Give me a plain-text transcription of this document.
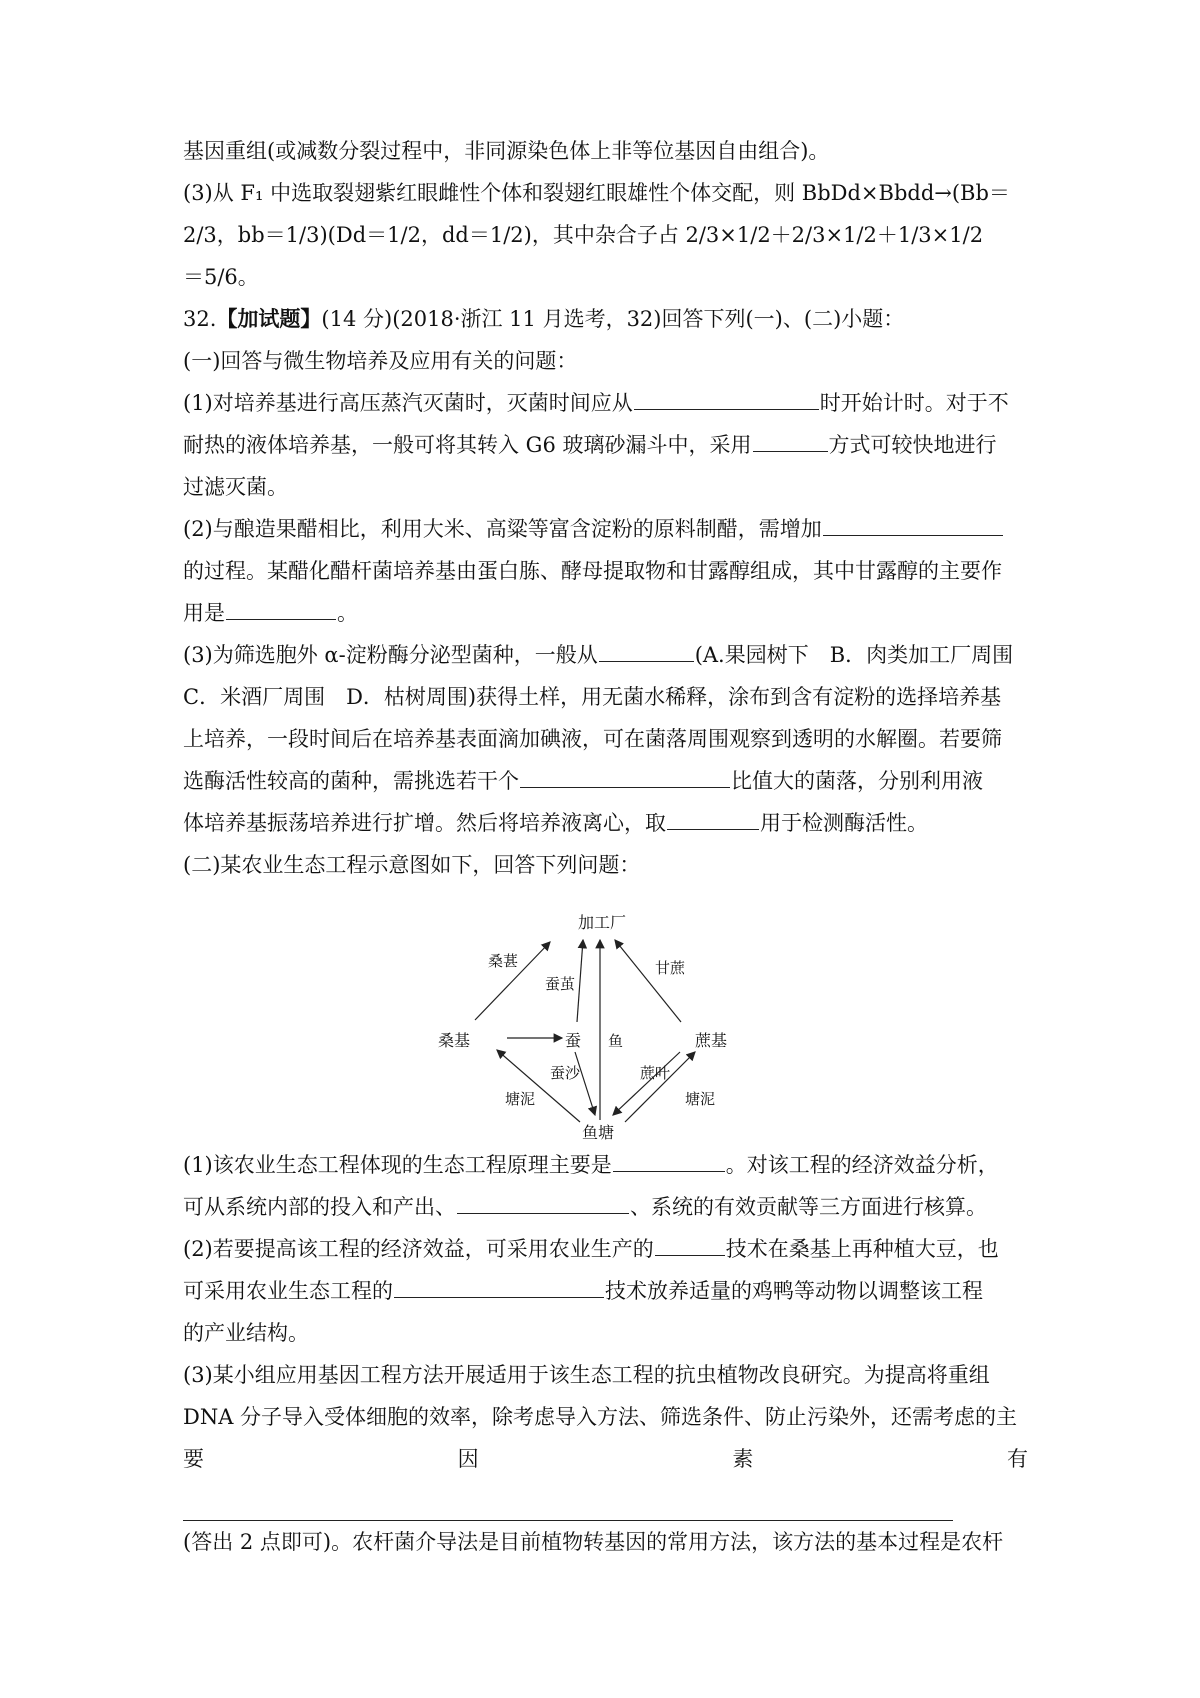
基因重组(或减数分裂过程中，非同源染色体上非等位基因自由组合)。
(3)从 F₁ 中选取裂翅紫红眼雌性个体和裂翅红眼雄性个体交配，则 BbDd×Bbdd→(Bb＝
2/3，bb＝1/3)(Dd＝1/2，dd＝1/2)，其中杂合子占 2/3×1/2＋2/3×1/2＋1/3×1/2
＝5/6。
32.【加试题】(14 分)(2018·浙江 11 月选考，32)回答下列(一)、(二)小题：
(一)回答与微生物培养及应用有关的问题：
(1)对培养基进行高压蒸汽灭菌时，灭菌时间应从	时开始计时。对于不
耐热的液体培养基，一般可将其转入 G6 玻璃砂漏斗中，采用	方式可较快地进行
过滤灭菌。
(2)与酿造果醋相比，利用大米、高粱等富含淀粉的原料制醋，需增加
的过程。某醋化醋杆菌培养基由蛋白胨、酵母提取物和甘露醇组成，其中甘露醇的主要作
用是	。
(3)为筛选胞外 α-淀粉酶分泌型菌种，一般从	(A.果园树下　B．肉类加工厂周围
C．米酒厂周围　D．枯树周围)获得土样，用无菌水稀释，涂布到含有淀粉的选择培养基
上培养，一段时间后在培养基表面滴加碘液，可在菌落周围观察到透明的水解圈。若要筛
选酶活性较高的菌种，需挑选若干个	比值大的菌落，分别利用液
体培养基振荡培养进行扩增。然后将培养液离心，取	用于检测酶活性。
(二)某农业生态工程示意图如下，回答下列问题：
加工厂
桑基	蚕	蔗基
鱼塘
桑葚
蚕茧
甘蔗
鱼
蚕沙
塘泥
蔗叶
塘泥
(1)该农业生态工程体现的生态工程原理主要是	。对该工程的经济效益分析，
可从系统内部的投入和产出、	、系统的有效贡献等三方面进行核算。
(2)若要提高该工程的经济效益，可采用农业生产的	技术在桑基上再种植大豆，也
可采用农业生态工程的	技术放养适量的鸡鸭等动物以调整该工程
的产业结构。
(3)某小组应用基因工程方法开展适用于该生态工程的抗虫植物改良研究。为提高将重组
DNA 分子导入受体细胞的效率，除考虑导入方法、筛选条件、防止污染外，还需考虑的主
要	因	素	有
(答出 2 点即可)。农杆菌介导法是目前植物转基因的常用方法，该方法的基本过程是农杆
